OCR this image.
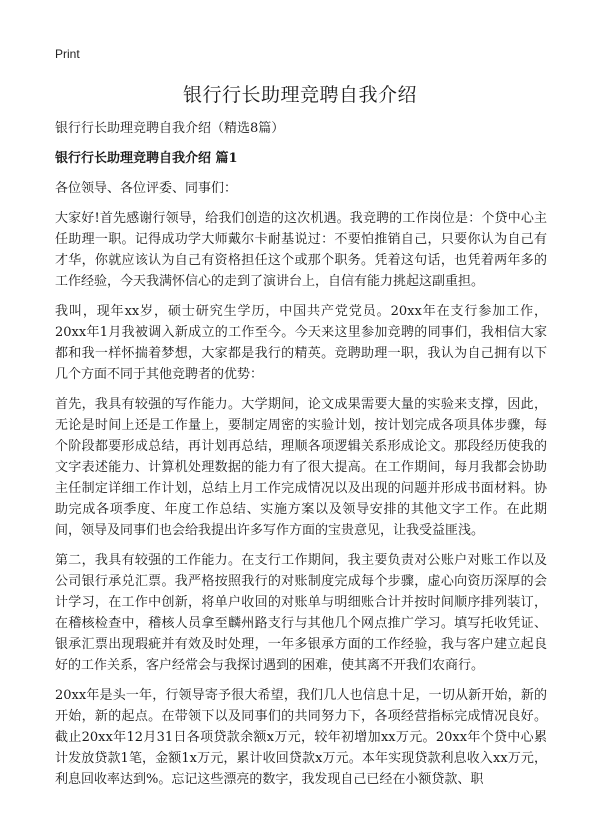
Print
银行行长助理竞聘自我介绍

银行行长助理竞聘自我介绍（精选8篇）

银行行长助理竞聘自我介绍 篇1

各位领导、各位评委、同事们：

大家好!首先感谢行领导，给我们创造的这次机遇。我竞聘的工作岗位是：个贷中心主任助理一职。记得成功学大师戴尔卡耐基说过：不要怕推销自己，只要你认为自己有才华，你就应该认为自己有资格担任这个或那个职务。凭着这句话，也凭着两年多的工作经验，今天我满怀信心的走到了演讲台上，自信有能力挑起这副重担。

我叫，现年xx岁，硕士研究生学历，中国共产党党员。20xx年在支行参加工作，20xx年1月我被调入新成立的工作至今。今天来这里参加竞聘的同事们，我相信大家都和我一样怀揣着梦想，大家都是我行的精英。竞聘助理一职，我认为自己拥有以下几个方面不同于其他竞聘者的优势：

首先，我具有较强的写作能力。大学期间，论文成果需要大量的实验来支撑，因此，无论是时间上还是工作量上，要制定周密的实验计划，按计划完成各项具体步骤，每个阶段都要形成总结，再计划再总结，理顺各项逻辑关系形成论文。那段经历使我的文字表述能力、计算机处理数据的能力有了很大提高。在工作期间，每月我都会协助主任制定详细工作计划，总结上月工作完成情况以及出现的问题并形成书面材料。协助完成各项季度、年度工作总结、实施方案以及领导安排的其他文字工作。在此期间，领导及同事们也会给我提出许多写作方面的宝贵意见，让我受益匪浅。

第二，我具有较强的工作能力。在支行工作期间，我主要负责对公账户对账工作以及公司银行承兑汇票。我严格按照我行的对账制度完成每个步骤，虚心向资历深厚的会计学习，在工作中创新，将单户收回的对账单与明细账合计并按时间顺序排列装订，在稽核检查中，稽核人员拿至麟州路支行与其他几个网点推广学习。填写托收凭证、银承汇票出现瑕疵并有效及时处理，一年多银承方面的工作经验，我与客户建立起良好的工作关系，客户经常会与我探讨遇到的困难，使其离不开我们农商行。

20xx年是头一年，行领导寄予很大希望，我们几人也信息十足，一切从新开始，新的开始，新的起点。在带领下以及同事们的共同努力下，各项经营指标完成情况良好。截止20xx年12月31日各项贷款余额x万元，较年初增加xx万元。20xx年个贷中心累计发放贷款1笔，金额1x万元，累计收回贷款x万元。本年实现贷款利息收入xx万元，利息回收率达到%。忘记这些漂亮的数字，我发现自己已经在小额贷款、职
